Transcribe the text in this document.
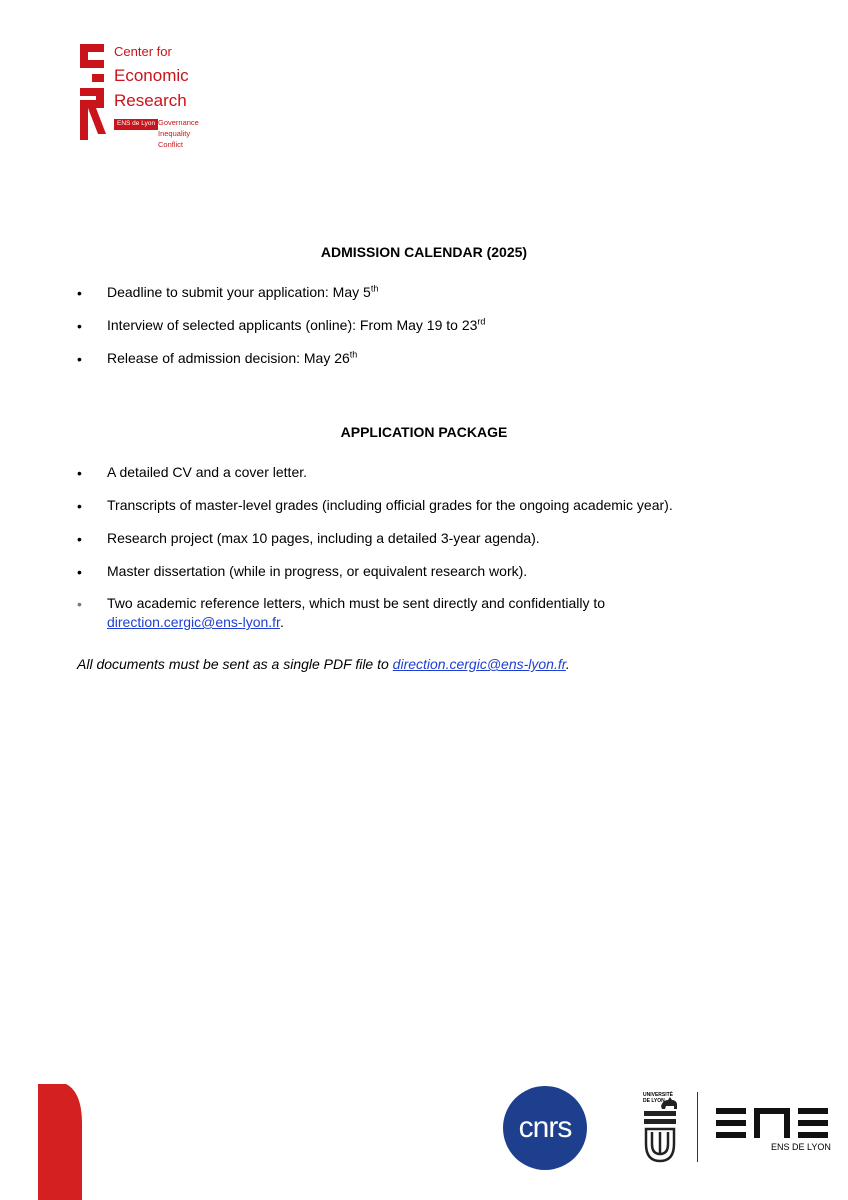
Center for
Economic
Research
ENS de Lyon Governance
Inequality
Conflict
ADMISSION CALENDAR (2025)
• Deadline to submit your application: May 5th
• Interview of selected applicants (online): From May 19 to 23rd
• Release of admission decision: May 26th
APPLICATION PACKAGE
• A detailed CV and a cover letter.
• Transcripts of master-level grades (including official grades for the ongoing academic year).
• Research project (max 10 pages, including a detailed 3-year agenda).
• Master dissertation (while in progress, or equivalent research work).
• Two academic reference letters, which must be sent directly and confidentially to
direction.cergic@ens-lyon.fr.
All documents must be sent as a single PDF file to direction.cergic@ens-lyon.fr.
cnrs
UNIVERSITÉ
DE LYON
ENS DE LYON
